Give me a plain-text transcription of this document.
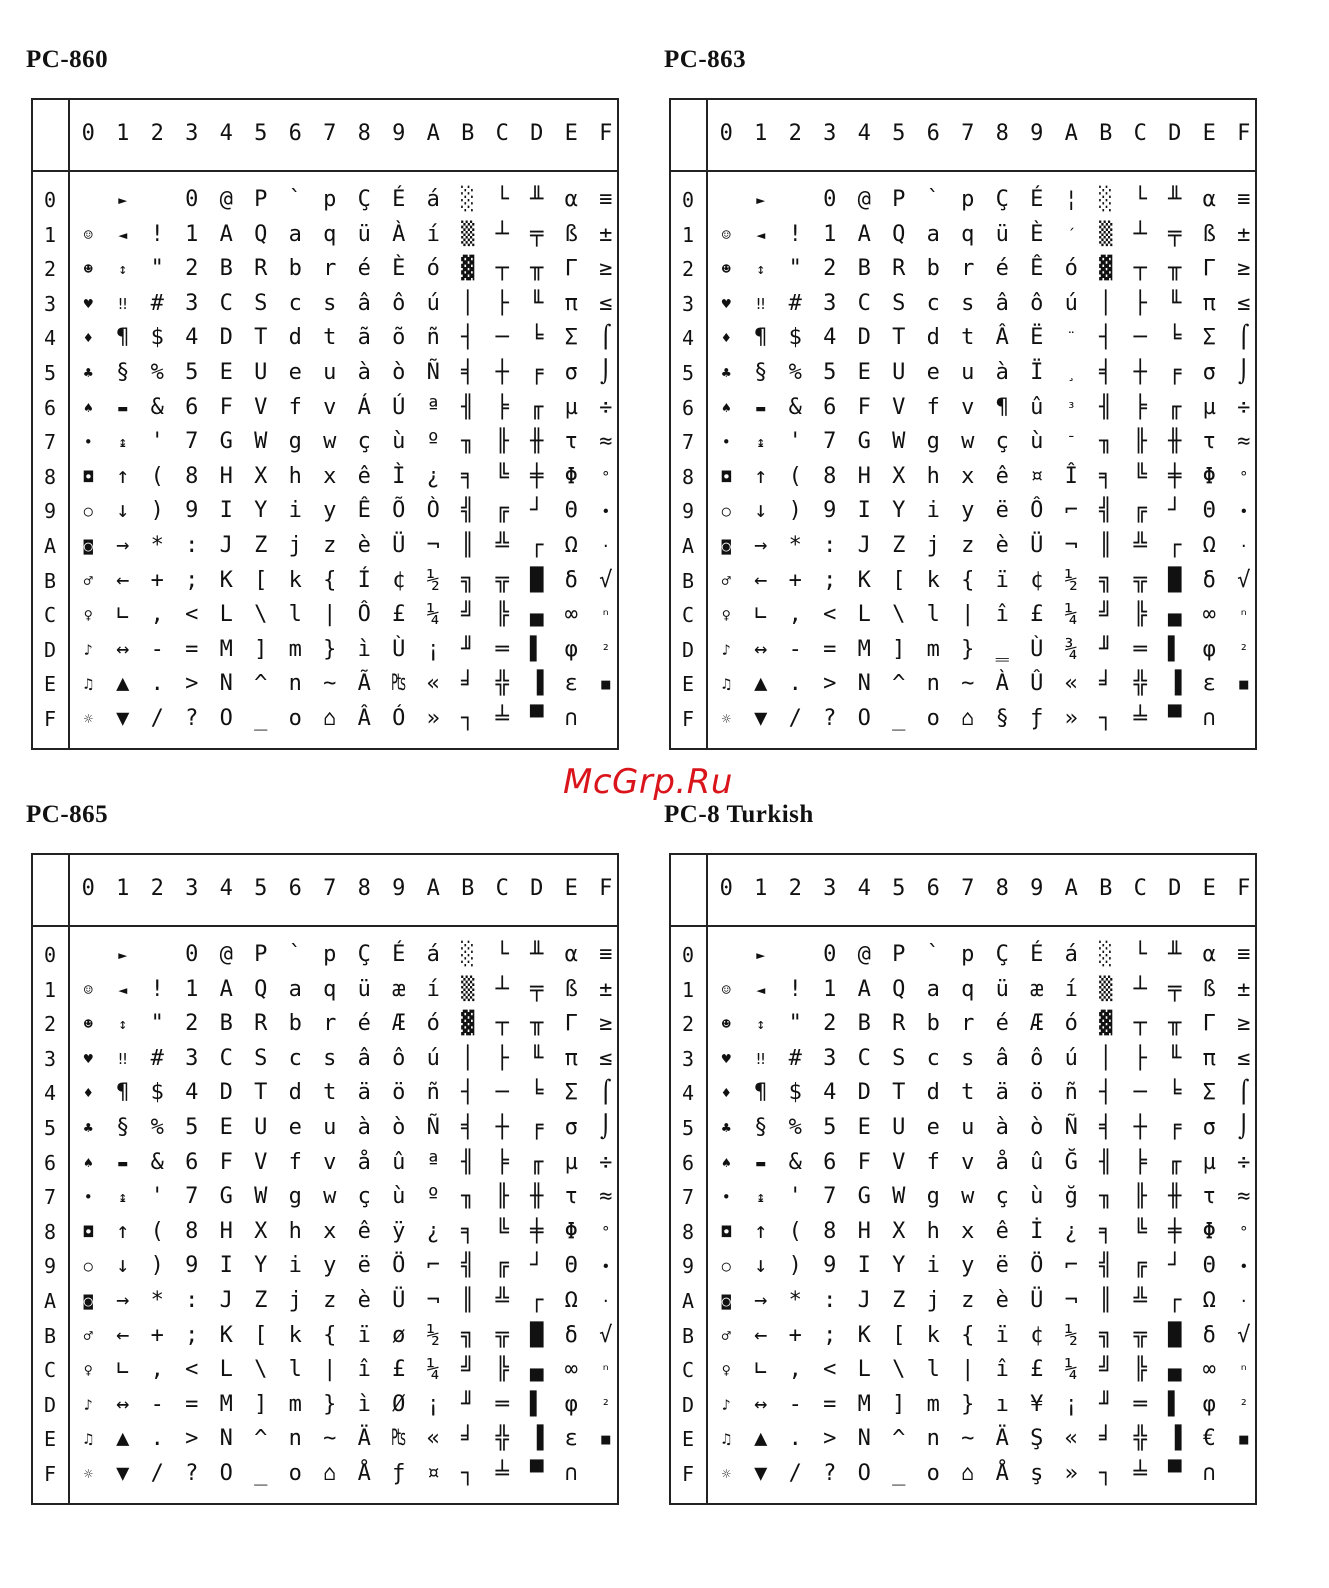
PC-860	PC-863
PC-865	PC-8 Turkish
0 1 2 3 4 5 6 7 8 9 A B C D E F
0
1
2
3
4
5
6
7
8
9
A
B
C
D
E
F
☺
☻
♥
♦
♣
♠
•
◘
○
◙
♂
♀
♪
♫
☼
►
◄
↕
‼
¶
§
▬
↨
↑
↓
→
←
∟
↔
▲
▼
!
"
#
$
%
&
'
(
)
*
+
,
-
.
/
0
1
2
3
4
5
6
7
8
9
:
;
<
=
>
?
@
A
B
C
D
E
F
G
H
I
J
K
L
M
N
O
P
Q
R
S
T
U
V
W
X
Y
Z
[
\
]
^
_
`
a
b
c
d
e
f
g
h
i
j
k
l
m
n
o
p
q
r
s
t
u
v
w
x
y
z
{
|
}
~
⌂
Ç
ü
é
â
ã
à
Á
ç
ê
Ê
è
Í
Ô
ì
Ã
Â
É
À
È
ô
õ
ò
Ú
ù
Ì
Õ
Ü
¢
£
Ù
₧
Ó
á
í
ó
ú
ñ
Ñ
ª
º
¿
Ò
¬
½
¼
¡
«
»
░
▒
▓
│
┤
╡
╢
╖
╕
╣
║
╗
╝
╜
╛
┐
└
┴
┬
├
─
┼
╞
╟
╚
╔
╩
╦
╠
═
╬
╧
╨
╤
╥
╙
╘
╒
╓
╫
╪
┘
┌
█
▄
▌
▐
▀
α
ß
Γ
π
Σ
σ
µ
τ
Φ
Θ
Ω
δ
∞
φ
ε
∩
≡
±
≥
≤
⌠
⌡
÷
≈
°
∙
·
√
ⁿ
²
■
0 1 2 3 4 5 6 7 8 9 A B C D E F
0
1
2
3
4
5
6
7
8
9
A
B
C
D
E
F
☺
☻
♥
♦
♣
♠
•
◘
○
◙
♂
♀
♪
♫
☼
►
◄
↕
‼
¶
§
▬
↨
↑
↓
→
←
∟
↔
▲
▼
!
"
#
$
%
&
'
(
)
*
+
,
-
.
/
0
1
2
3
4
5
6
7
8
9
:
;
<
=
>
?
@
A
B
C
D
E
F
G
H
I
J
K
L
M
N
O
P
Q
R
S
T
U
V
W
X
Y
Z
[
\
]
^
_
`
a
b
c
d
e
f
g
h
i
j
k
l
m
n
o
p
q
r
s
t
u
v
w
x
y
z
{
|
}
~
⌂
Ç
ü
é
â
Â
à
¶
ç
ê
ë
è
ï
î
‗
À
§
É
È
Ê
ô
Ë
Ï
û
ù
¤
Ô
Ü
¢
£
Ù
Û
ƒ
¦
´
ó
ú
¨
¸
³
¯
Î
⌐
¬
½
¼
¾
«
»
░
▒
▓
│
┤
╡
╢
╖
╕
╣
║
╗
╝
╜
╛
┐
└
┴
┬
├
─
┼
╞
╟
╚
╔
╩
╦
╠
═
╬
╧
╨
╤
╥
╙
╘
╒
╓
╫
╪
┘
┌
█
▄
▌
▐
▀
α
ß
Γ
π
Σ
σ
µ
τ
Φ
Θ
Ω
δ
∞
φ
ε
∩
≡
±
≥
≤
⌠
⌡
÷
≈
°
∙
·
√
ⁿ
²
■
0 1 2 3 4 5 6 7 8 9 A B C D E F
0
1
2
3
4
5
6
7
8
9
A
B
C
D
E
F
☺
☻
♥
♦
♣
♠
•
◘
○
◙
♂
♀
♪
♫
☼
►
◄
↕
‼
¶
§
▬
↨
↑
↓
→
←
∟
↔
▲
▼
!
"
#
$
%
&
'
(
)
*
+
,
-
.
/
0
1
2
3
4
5
6
7
8
9
:
;
<
=
>
?
@
A
B
C
D
E
F
G
H
I
J
K
L
M
N
O
P
Q
R
S
T
U
V
W
X
Y
Z
[
\
]
^
_
`
a
b
c
d
e
f
g
h
i
j
k
l
m
n
o
p
q
r
s
t
u
v
w
x
y
z
{
|
}
~
⌂
Ç
ü
é
â
ä
à
å
ç
ê
ë
è
ï
î
ì
Ä
Å
É
æ
Æ
ô
ö
ò
û
ù
ÿ
Ö
Ü
ø
£
Ø
₧
ƒ
á
í
ó
ú
ñ
Ñ
ª
º
¿
⌐
¬
½
¼
¡
«
¤
░
▒
▓
│
┤
╡
╢
╖
╕
╣
║
╗
╝
╜
╛
┐
└
┴
┬
├
─
┼
╞
╟
╚
╔
╩
╦
╠
═
╬
╧
╨
╤
╥
╙
╘
╒
╓
╫
╪
┘
┌
█
▄
▌
▐
▀
α
ß
Γ
π
Σ
σ
µ
τ
Φ
Θ
Ω
δ
∞
φ
ε
∩
≡
±
≥
≤
⌠
⌡
÷
≈
°
∙
·
√
ⁿ
²
■
0 1 2 3 4 5 6 7 8 9 A B C D E F
0
1
2
3
4
5
6
7
8
9
A
B
C
D
E
F
☺
☻
♥
♦
♣
♠
•
◘
○
◙
♂
♀
♪
♫
☼
►
◄
↕
‼
¶
§
▬
↨
↑
↓
→
←
∟
↔
▲
▼
!
"
#
$
%
&
'
(
)
*
+
,
-
.
/
0
1
2
3
4
5
6
7
8
9
:
;
<
=
>
?
@
A
B
C
D
E
F
G
H
I
J
K
L
M
N
O
P
Q
R
S
T
U
V
W
X
Y
Z
[
\
]
^
_
`
a
b
c
d
e
f
g
h
i
j
k
l
m
n
o
p
q
r
s
t
u
v
w
x
y
z
{
|
}
~
⌂
Ç
ü
é
â
ä
à
å
ç
ê
ë
è
ï
î
ı
Ä
Å
É
æ
Æ
ô
ö
ò
û
ù
İ
Ö
Ü
¢
£
¥
Ş
ş
á
í
ó
ú
ñ
Ñ
Ğ
ğ
¿
⌐
¬
½
¼
¡
«
»
░
▒
▓
│
┤
╡
╢
╖
╕
╣
║
╗
╝
╜
╛
┐
└
┴
┬
├
─
┼
╞
╟
╚
╔
╩
╦
╠
═
╬
╧
╨
╤
╥
╙
╘
╒
╓
╫
╪
┘
┌
█
▄
▌
▐
▀
α
ß
Γ
π
Σ
σ
µ
τ
Φ
Θ
Ω
δ
∞
φ
€
∩
≡
±
≥
≤
⌠
⌡
÷
≈
°
∙
·
√
ⁿ
²
■
McGrp.Ru
